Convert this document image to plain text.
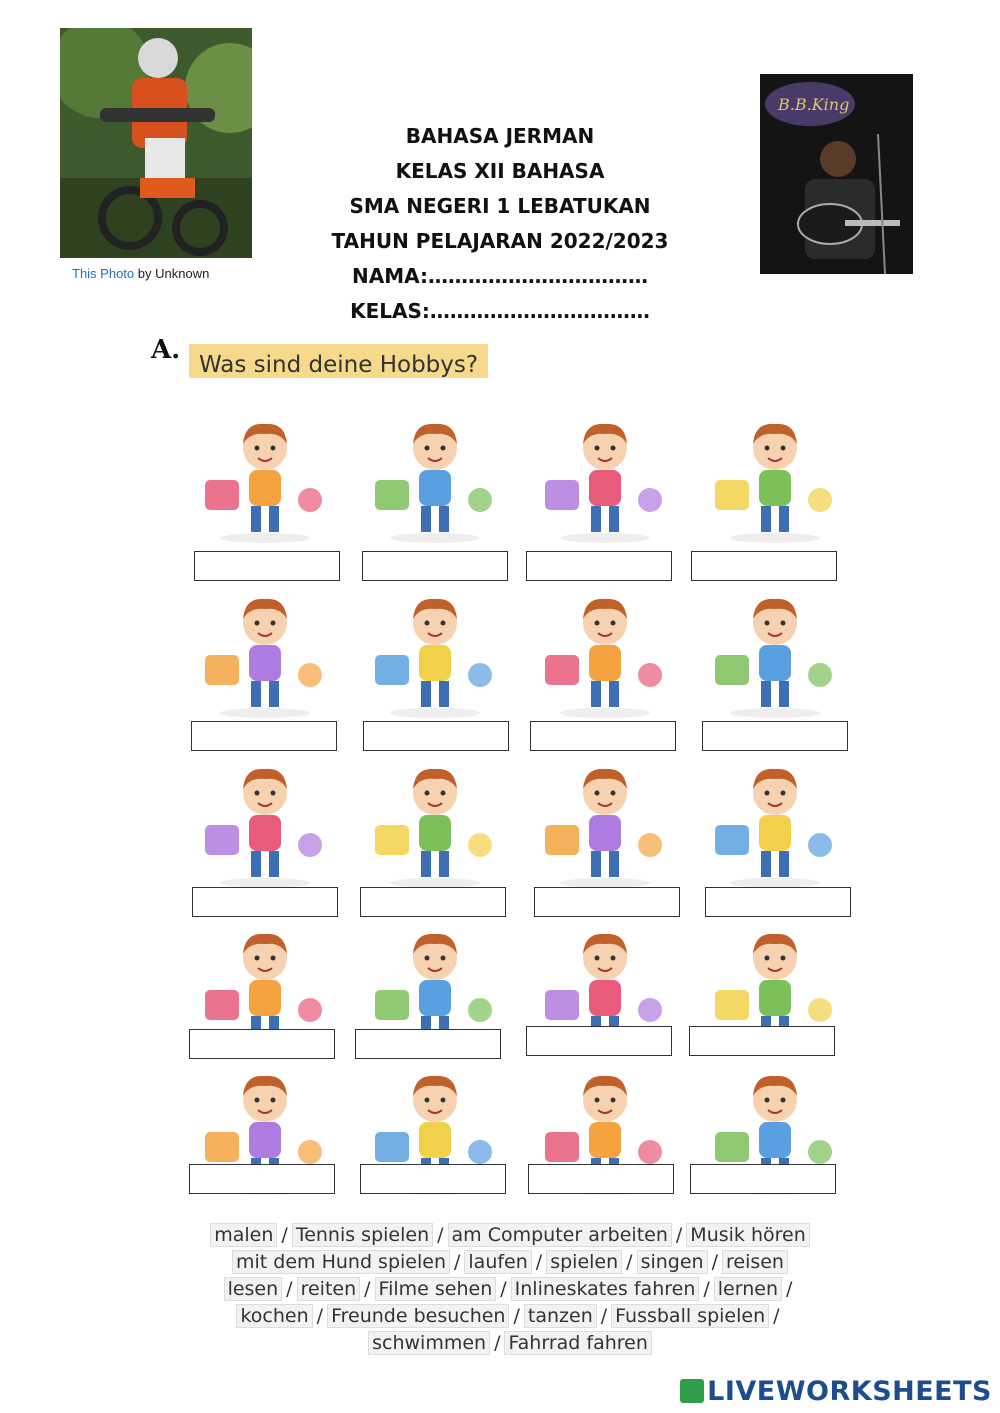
This Photo by Unknown
B.B.King
BAHASA JERMAN
KELAS XII BAHASA
SMA NEGERI 1 LEBATUKAN
TAHUN PELAJARAN 2022/2023
NAMA:……………………………
KELAS:……………………………
A. Was sind deine Hobbys?
malen / Tennis spielen / am Computer arbeiten / Musik hören
mit dem Hund spielen / laufen / spielen / singen / reisen
lesen / reiten / Filme sehen / Inlineskates fahren / lernen /
kochen / Freunde besuchen / tanzen / Fussball spielen /
schwimmen / Fahrrad fahren
LIVEWORKSHEETS
